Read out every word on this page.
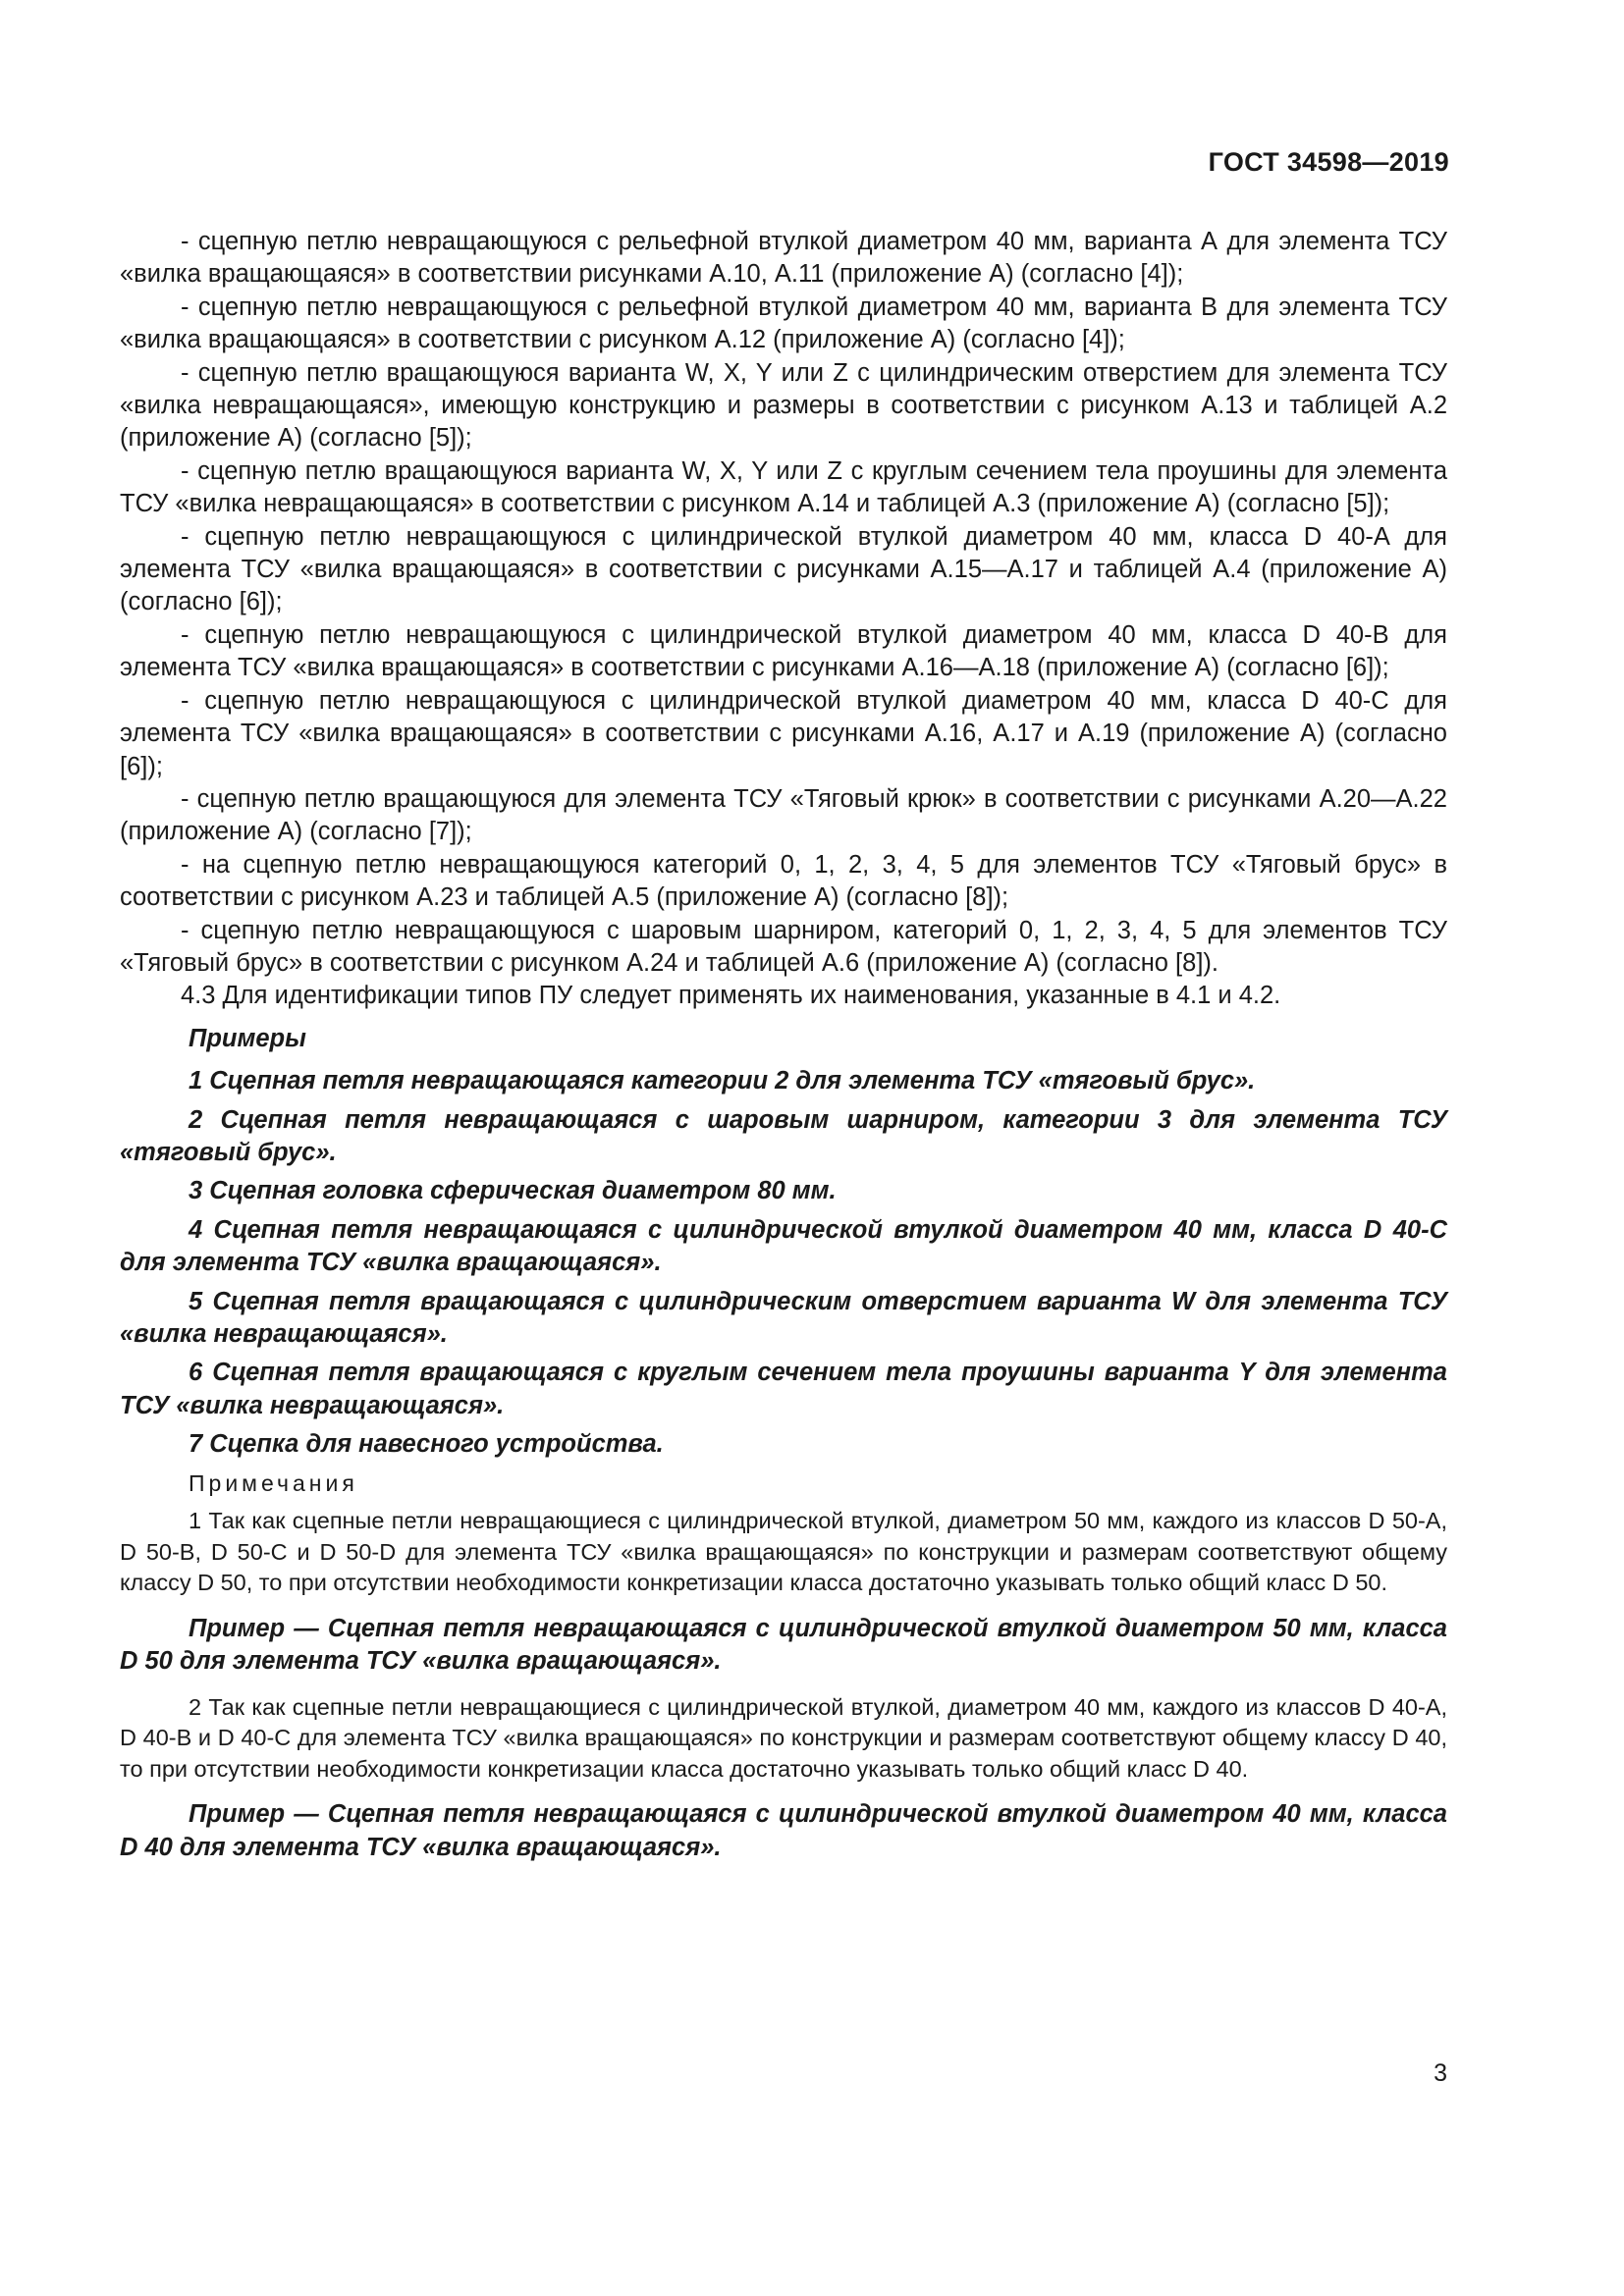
ГОСТ 34598—2019

- сцепную петлю невращающуюся с рельефной втулкой диаметром 40 мм, варианта А для элемента ТСУ «вилка вращающаяся» в соответствии рисунками А.10, А.11 (приложение А) (согласно [4]);

- сцепную петлю невращающуюся с рельефной втулкой диаметром 40 мм, варианта В для элемента ТСУ «вилка вращающаяся» в соответствии с рисунком А.12 (приложение А) (согласно [4]);

- сцепную петлю вращающуюся варианта W, X, Y или Z с цилиндрическим отверстием для элемента ТСУ «вилка невращающаяся», имеющую конструкцию и размеры в соответствии с рисунком А.13 и таблицей А.2 (приложение А) (согласно [5]);

- сцепную петлю вращающуюся варианта W, X, Y или Z с круглым сечением тела проушины для элемента ТСУ «вилка невращающаяся» в соответствии с рисунком А.14 и таблицей А.3 (приложение А) (согласно [5]);

- сцепную петлю невращающуюся с цилиндрической втулкой диаметром 40 мм, класса D 40-A для элемента ТСУ «вилка вращающаяся» в соответствии с рисунками А.15—А.17 и таблицей А.4 (приложение А) (согласно [6]);

- сцепную петлю невращающуюся с цилиндрической втулкой диаметром 40 мм, класса D 40-B для элемента ТСУ «вилка вращающаяся» в соответствии с рисунками А.16—А.18 (приложение А) (согласно [6]);

- сцепную петлю невращающуюся с цилиндрической втулкой диаметром 40 мм, класса D 40-C для элемента ТСУ «вилка вращающаяся» в соответствии с рисунками А.16, А.17 и А.19 (приложение А) (согласно [6]);

- сцепную петлю вращающуюся для элемента ТСУ «Тяговый крюк» в соответствии с рисунками А.20—А.22 (приложение А) (согласно [7]);

- на сцепную петлю невращающуюся категорий 0, 1, 2, 3, 4, 5 для элементов ТСУ «Тяговый брус» в соответствии с рисунком А.23 и таблицей А.5 (приложение А) (согласно [8]);

- сцепную петлю невращающуюся с шаровым шарниром, категорий 0, 1, 2, 3, 4, 5 для элементов ТСУ «Тяговый брус» в соответствии с рисунком А.24 и таблицей А.6 (приложение А) (согласно [8]).

4.3 Для идентификации типов ПУ следует применять их наименования, указанные в 4.1 и 4.2.

Примеры

1 Сцепная петля невращающаяся категории 2 для элемента ТСУ «тяговый брус».

2 Сцепная петля невращающаяся с шаровым шарниром, категории 3 для элемента ТСУ «тяговый брус».

3 Сцепная головка сферическая диаметром 80 мм.

4 Сцепная петля невращающаяся с цилиндрической втулкой диаметром 40 мм, класса D 40-С для элемента ТСУ «вилка вращающаяся».

5 Сцепная петля вращающаяся с цилиндрическим отверстием варианта W для элемента ТСУ «вилка невращающаяся».

6 Сцепная петля вращающаяся с круглым сечением тела проушины варианта Y для элемента ТСУ «вилка невращающаяся».

7 Сцепка для навесного устройства.

Примечания

1 Так как сцепные петли невращающиеся с цилиндрической втулкой, диаметром 50 мм, каждого из классов D 50-A, D 50-B, D 50-C и D 50-D для элемента ТСУ «вилка вращающаяся» по конструкции и размерам соответствуют общему классу D 50, то при отсутствии необходимости конкретизации класса достаточно указывать только общий класс D 50.

Пример — Сцепная петля невращающаяся с цилиндрической втулкой диаметром 50 мм, класса D 50 для элемента ТСУ «вилка вращающаяся».

2 Так как сцепные петли невращающиеся с цилиндрической втулкой, диаметром 40 мм, каждого из классов D 40-A, D 40-B и D 40-C для элемента ТСУ «вилка вращающаяся» по конструкции и размерам соответствуют общему классу D 40, то при отсутствии необходимости конкретизации класса достаточно указывать только общий класс D 40.

Пример — Сцепная петля невращающаяся с цилиндрической втулкой диаметром 40 мм, класса D 40 для элемента ТСУ «вилка вращающаяся».

3
